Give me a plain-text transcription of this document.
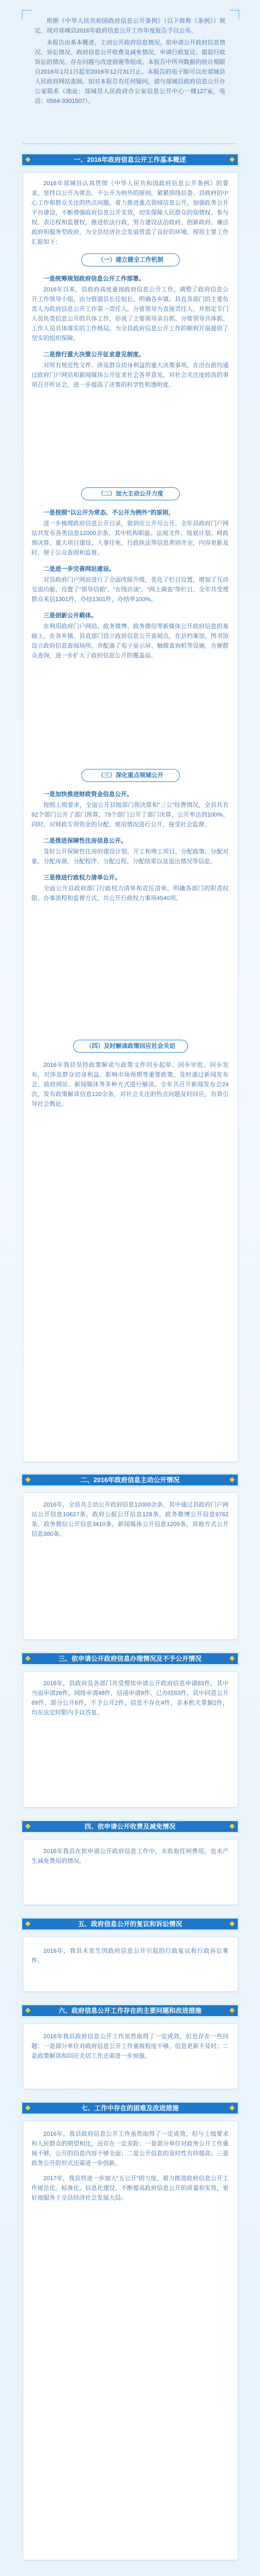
根据《中华人民共和国政府信息公开条例》（以下简称《条例》）规定，现对郯城县2016年政府信息公开工作年度报告予以公布。

本报告由基本概述、主动公开政府信息情况、依申请公开政府信息情况、诉讼情况、政府信息公开收费及减免情况、申请行政复议、提起行政诉讼的情况、存在问题与改进措施等组成。本报告中所列数据的统计期限自2016年1月1日起至2016年12月31日止。本报告的电子版可以在郯城县人民政府网站查阅。如对本报告有任何疑问，请与郯城县政府信息公开办公室联系（地址：郯城县人民政府办公室信息公开中心一楼127室，电话：0564-3301507）。

一、2016年政府信息公开工作基本概述

2016年郯城县认真贯彻《中华人民共和国政府信息公开条例》的要求，坚持以公开为常态、不公开为例外的原则，紧紧围绕县委、县政府的中心工作和群众关注的热点问题，着力推进重点领域信息公开，加强政务公开平台建设，不断增强政府信息公开实效，切实保障人民群众的知情权、参与权、表达权和监督权，推进依法行政，努力建设法治政府、创新政府、廉洁政府和服务型政府，为全县经济社会发展营造了良好的环境。现将主要工作汇报如下：

（一）建立健全工作机制

一是统筹规划政府信息公开工作部署。

2016年以来，县政府高度重视政府信息公开工作，调整了政府信息公开工作领导小组，由分管副县长任组长，明确各乡镇、县直各部门的主要负责人为政府信息公开工作第一责任人，分管领导为直接责任人，并指定专门人员负责信息公开的具体工作，形成了主要领导亲自抓、分管领导具体抓、工作人员具体落实的工作格局，为全县政府信息公开工作的顺利开展提供了坚实的组织保障。

二是推行重大决策公开征求意见制度。

对所有规范性文件、涉及群众切身利益的重大决策事项，在出台前均通过政府门户网站和新闻媒体公开征求社会各界意见，对社会关注度较高的事项召开听证会，进一步提高了决策的科学性和透明度。

（二）加大主动公开力度

一是按照“以公开为常态、不公开为例外”的原则，

进一步梳理政府信息公开目录，做到应公开尽公开。全年县政府门户网站共发布各类信息12000余条，其中机构职能、法规文件、规划计划、财政预决算、重大项目建设、人事任免、行政执法等信息类别齐全，内容更新及时，便于公众查阅和监督。

二是进一步完善网站建设。

对县政府门户网站进行了全面改版升级，优化了栏目设置，增加了互动交流功能，设置了“领导信箱”、“在线访谈”、“网上调查”等栏目，全年共受理群众来信1301件，办结1301件，办结率100%。

三是创新公开载体。

在利用政府门户网站、政务微博、政务微信等新媒体公开政府信息的基础上，在各乡镇、县直部门设立政府信息公开查阅点，在县档案馆、图书馆设立政府信息查阅场所，并配备了电子显示屏、触摸查询机等设施，方便群众查询，进一步扩大了政府信息公开的覆盖面。

（三）深化重点领域公开

一是加快推进财政资金信息公开。

按照上级要求，全面公开县级部门预决算和“三公”经费情况，全县共有92个部门公开了部门预算，79个部门公开了部门决算，公开率达到100%。同时，对财政专项资金的分配、使用情况进行公开，接受社会监督。

二是推进保障性住房信息公开。

及时公开保障性住房的建设计划、开工和竣工项目、分配政策、分配对象、分配房源、分配程序、分配过程、分配结果以及退出情况等信息。

三是推进行政权力清单公开。

全面公开县政府部门行政权力清单和责任清单，明确各部门的职责权限、办事流程和监督方式，共公开行政权力事项4540项。

（四）及时解读政策回应社会关切

2016年我县坚持政策解读与政策文件同步起草、同步审批、同步发布，对涉及群众切身利益、影响市场预期等重要政策，及时通过新闻发布会、政府网站、新闻媒体等多种方式进行解读。全年共召开新闻发布会24次，发布政策解读信息120余条，对社会关注的热点问题及时回应，有效引导社会舆论。

二、2016年政府信息主动公开情况

2016年，全县共主动公开政府信息12000余条，其中通过县政府门户网站公开信息10627条，政府公报公开信息128条，政务微博公开信息9762条，政务微信公开信息3410条，新闻媒体公开信息1209条，其他方式公开信息380条。

三、依申请公开政府信息办理情况及不予公开情况

2016年，县政府及各部门共受理依申请公开政府信息申请83件，其中当面申请26件，网络申请48件，信函申请9件。已办结83件，其中同意公开69件，部分公开6件，不予公开2件，信息不存在4件，非本机关掌握2件，均在法定时限内予以答复。

四、依申请公开收费及减免情况

2016年我县在依申请公开政府信息工作中，未收取任何费用，也未产生减免费用的情况。

五、政府信息公开的复议和诉讼情况

2016年，我县未发生因政府信息公开引起的行政复议和行政诉讼案件。

六、政府信息公开工作存在的主要问题和改进措施

2016年我县政府信息公开工作虽然取得了一定成效，但也存在一些问题：一是部分单位对政府信息公开工作重视程度不够，信息更新不及时；二是政策解读和回应关切工作还需进一步加强。

七、工作中存在的困难及改进措施

2016年，我县政府信息公开工作虽然取得了一定成效，但与上级要求和人民群众的期望相比，还存在一定差距：一是部分单位对政务公开工作重视不够，公开的信息内容不够全面；二是公开信息的及时性有待提高；三是政务公开的形式还需进一步创新。

2017年，我县将进一步加大“五公开”的力度，着力推进政府信息公开工作规范化、标准化、信息化建设，不断提高政府信息公开的质量和实效，更好地服务于全县经济社会发展大局。
